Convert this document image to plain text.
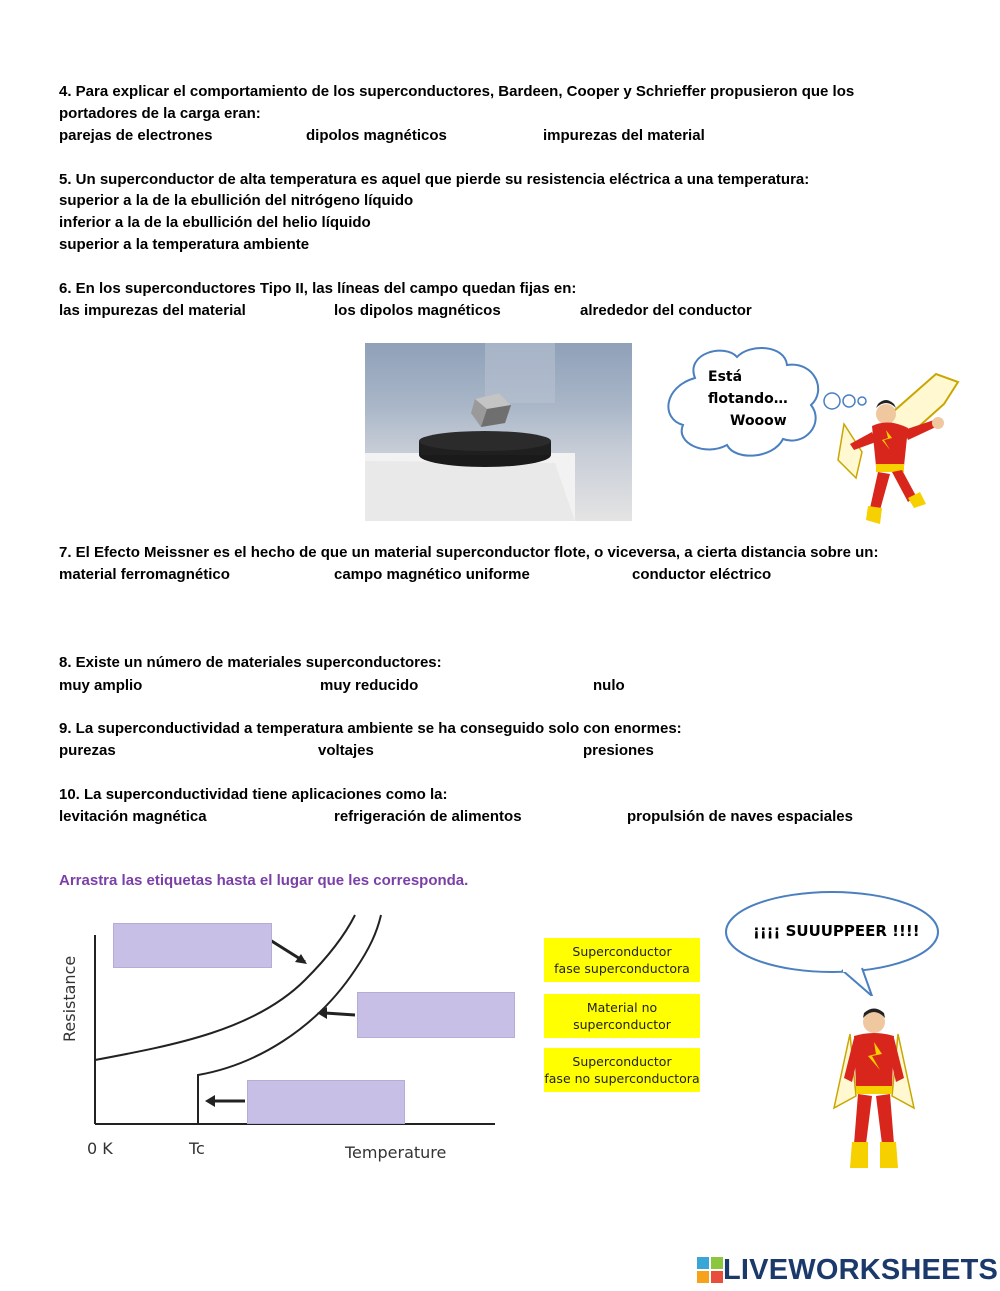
4. Para explicar el comportamiento de los superconductores, Bardeen, Cooper y Schrieffer propusieron que los
portadores de la carga eran:
parejas de electrones	dipolos magnéticos	impurezas del material
5. Un superconductor de alta temperatura es aquel que pierde su resistencia eléctrica a una temperatura:
superior a la de la ebullición del nitrógeno líquido
inferior a la de la ebullición del helio líquido
superior a la temperatura ambiente
6. En los superconductores Tipo II, las líneas del campo quedan fijas en:
las impurezas del material	los dipolos magnéticos	alrededor del conductor
Está
flotando…
Wooow
7. El Efecto Meissner es el hecho de que un material superconductor flote, o viceversa, a cierta distancia sobre un:
material ferromagnético	campo magnético uniforme	conductor eléctrico
8. Existe un número de materiales superconductores:
muy amplio	muy reducido	nulo
9. La superconductividad a temperatura ambiente se ha conseguido solo con enormes:
purezas	voltajes	presiones
10. La superconductividad tiene aplicaciones como la:
levitación magnética	refrigeración de alimentos	propulsión de naves espaciales
Arrastra las etiquetas hasta el lugar que les corresponda.
Resistance
Temperature
0 K	Tc
Superconductor
fase superconductora
Material no
superconductor
Superconductor
fase no superconductora
¡¡¡¡ SUUUPPEER !!!!
LIVEWORKSHEETS
